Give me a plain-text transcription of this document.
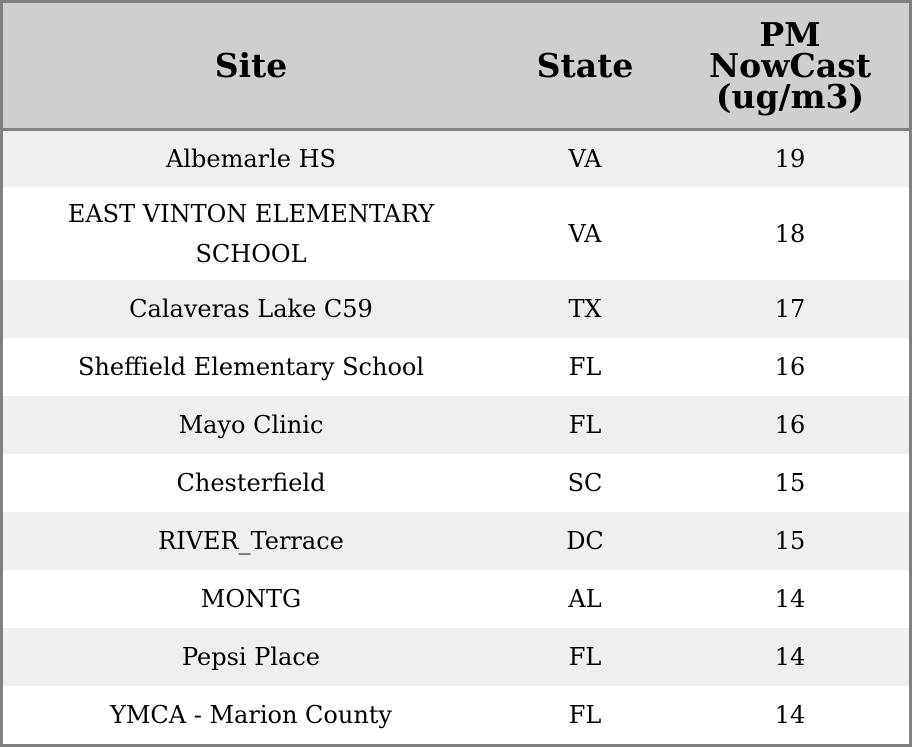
Site	State	PM NowCast (ug/m3)
Albemarle HS	VA	19
EAST VINTON ELEMENTARY SCHOOL	VA	18
Calaveras Lake C59	TX	17
Sheffield Elementary School	FL	16
Mayo Clinic	FL	16
Chesterfield	SC	15
RIVER_Terrace	DC	15
MONTG	AL	14
Pepsi Place	FL	14
YMCA - Marion County	FL	14
